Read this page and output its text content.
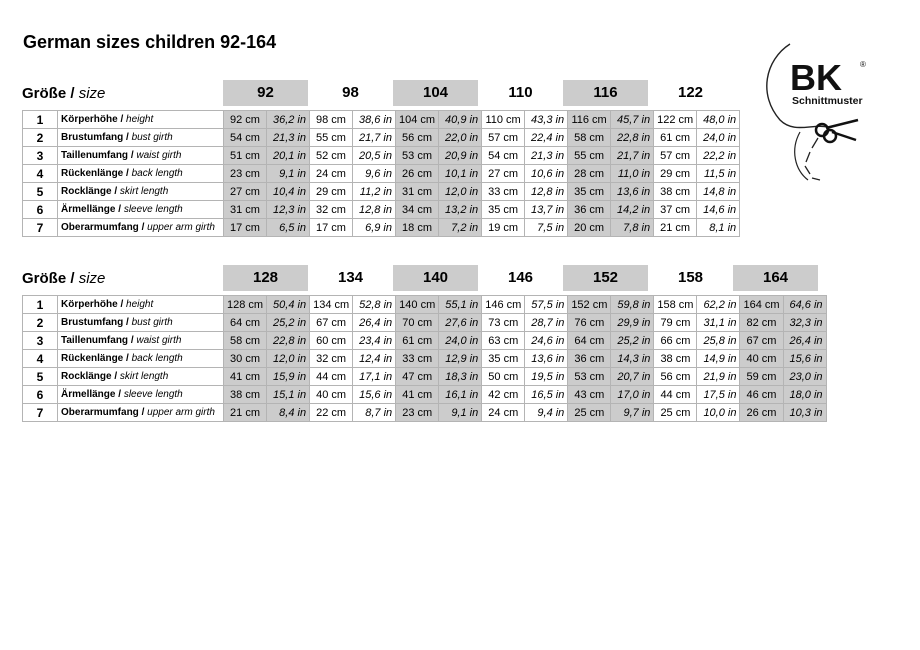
German sizes children 92-164
BK ®
Schnittmuster
Größe / size	92	98	104	110	116	122
1	Körperhöhe / height	92 cm	36,2 in	98 cm	38,6 in	104 cm	40,9 in	110 cm	43,3 in	116 cm	45,7 in	122 cm	48,0 in
2	Brustumfang / bust girth	54 cm	21,3 in	55 cm	21,7 in	56 cm	22,0 in	57 cm	22,4 in	58 cm	22,8 in	61 cm	24,0 in
3	Taillenumfang / waist girth	51 cm	20,1 in	52 cm	20,5 in	53 cm	20,9 in	54 cm	21,3 in	55 cm	21,7 in	57 cm	22,2 in
4	Rückenlänge / back length	23 cm	9,1 in	24 cm	9,6 in	26 cm	10,1 in	27 cm	10,6 in	28 cm	11,0 in	29 cm	11,5 in
5	Rocklänge / skirt length	27 cm	10,4 in	29 cm	11,2 in	31 cm	12,0 in	33 cm	12,8 in	35 cm	13,6 in	38 cm	14,8 in
6	Ärmellänge / sleeve length	31 cm	12,3 in	32 cm	12,8 in	34 cm	13,2 in	35 cm	13,7 in	36 cm	14,2 in	37 cm	14,6 in
7	Oberarmumfang / upper arm girth	17 cm	6,5 in	17 cm	6,9 in	18 cm	7,2 in	19 cm	7,5 in	20 cm	7,8 in	21 cm	8,1 in
Größe / size	128	134	140	146	152	158	164
1	Körperhöhe / height	128 cm	50,4 in	134 cm	52,8 in	140 cm	55,1 in	146 cm	57,5 in	152 cm	59,8 in	158 cm	62,2 in	164 cm	64,6 in
2	Brustumfang / bust girth	64 cm	25,2 in	67 cm	26,4 in	70 cm	27,6 in	73 cm	28,7 in	76 cm	29,9 in	79 cm	31,1 in	82 cm	32,3 in
3	Taillenumfang / waist girth	58 cm	22,8 in	60 cm	23,4 in	61 cm	24,0 in	63 cm	24,6 in	64 cm	25,2 in	66 cm	25,8 in	67 cm	26,4 in
4	Rückenlänge / back length	30 cm	12,0 in	32 cm	12,4 in	33 cm	12,9 in	35 cm	13,6 in	36 cm	14,3 in	38 cm	14,9 in	40 cm	15,6 in
5	Rocklänge / skirt length	41 cm	15,9 in	44 cm	17,1 in	47 cm	18,3 in	50 cm	19,5 in	53 cm	20,7 in	56 cm	21,9 in	59 cm	23,0 in
6	Ärmellänge / sleeve length	38 cm	15,1 in	40 cm	15,6 in	41 cm	16,1 in	42 cm	16,5 in	43 cm	17,0 in	44 cm	17,5 in	46 cm	18,0 in
7	Oberarmumfang / upper arm girth	21 cm	8,4 in	22 cm	8,7 in	23 cm	9,1 in	24 cm	9,4 in	25 cm	9,7 in	25 cm	10,0 in	26 cm	10,3 in
